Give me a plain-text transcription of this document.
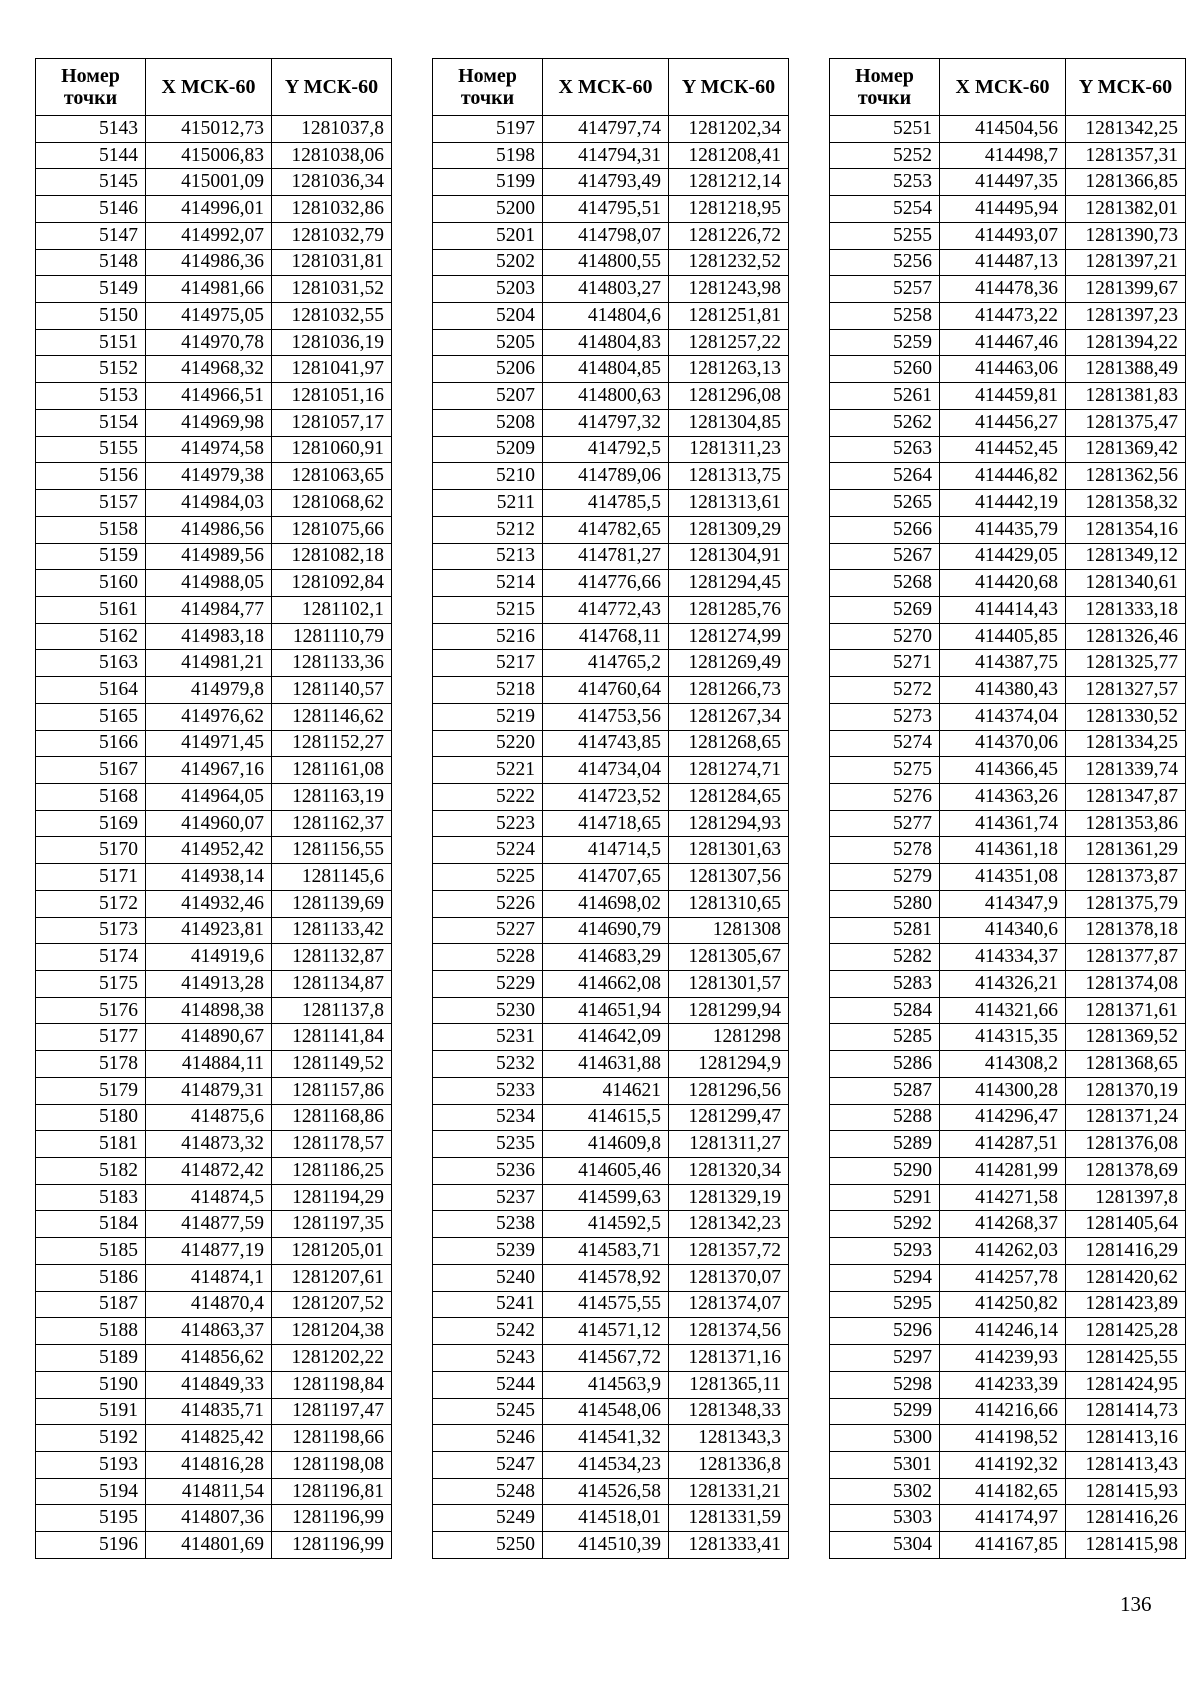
Номер точки	X МСК-60	Y МСК-60
5143	415012,73	1281037,8
5144	415006,83	1281038,06
5145	415001,09	1281036,34
5146	414996,01	1281032,86
5147	414992,07	1281032,79
5148	414986,36	1281031,81
5149	414981,66	1281031,52
5150	414975,05	1281032,55
5151	414970,78	1281036,19
5152	414968,32	1281041,97
5153	414966,51	1281051,16
5154	414969,98	1281057,17
5155	414974,58	1281060,91
5156	414979,38	1281063,65
5157	414984,03	1281068,62
5158	414986,56	1281075,66
5159	414989,56	1281082,18
5160	414988,05	1281092,84
5161	414984,77	1281102,1
5162	414983,18	1281110,79
5163	414981,21	1281133,36
5164	414979,8	1281140,57
5165	414976,62	1281146,62
5166	414971,45	1281152,27
5167	414967,16	1281161,08
5168	414964,05	1281163,19
5169	414960,07	1281162,37
5170	414952,42	1281156,55
5171	414938,14	1281145,6
5172	414932,46	1281139,69
5173	414923,81	1281133,42
5174	414919,6	1281132,87
5175	414913,28	1281134,87
5176	414898,38	1281137,8
5177	414890,67	1281141,84
5178	414884,11	1281149,52
5179	414879,31	1281157,86
5180	414875,6	1281168,86
5181	414873,32	1281178,57
5182	414872,42	1281186,25
5183	414874,5	1281194,29
5184	414877,59	1281197,35
5185	414877,19	1281205,01
5186	414874,1	1281207,61
5187	414870,4	1281207,52
5188	414863,37	1281204,38
5189	414856,62	1281202,22
5190	414849,33	1281198,84
5191	414835,71	1281197,47
5192	414825,42	1281198,66
5193	414816,28	1281198,08
5194	414811,54	1281196,81
5195	414807,36	1281196,99
5196	414801,69	1281196,99
Номер точки	X МСК-60	Y МСК-60
5197	414797,74	1281202,34
5198	414794,31	1281208,41
5199	414793,49	1281212,14
5200	414795,51	1281218,95
5201	414798,07	1281226,72
5202	414800,55	1281232,52
5203	414803,27	1281243,98
5204	414804,6	1281251,81
5205	414804,83	1281257,22
5206	414804,85	1281263,13
5207	414800,63	1281296,08
5208	414797,32	1281304,85
5209	414792,5	1281311,23
5210	414789,06	1281313,75
5211	414785,5	1281313,61
5212	414782,65	1281309,29
5213	414781,27	1281304,91
5214	414776,66	1281294,45
5215	414772,43	1281285,76
5216	414768,11	1281274,99
5217	414765,2	1281269,49
5218	414760,64	1281266,73
5219	414753,56	1281267,34
5220	414743,85	1281268,65
5221	414734,04	1281274,71
5222	414723,52	1281284,65
5223	414718,65	1281294,93
5224	414714,5	1281301,63
5225	414707,65	1281307,56
5226	414698,02	1281310,65
5227	414690,79	1281308
5228	414683,29	1281305,67
5229	414662,08	1281301,57
5230	414651,94	1281299,94
5231	414642,09	1281298
5232	414631,88	1281294,9
5233	414621	1281296,56
5234	414615,5	1281299,47
5235	414609,8	1281311,27
5236	414605,46	1281320,34
5237	414599,63	1281329,19
5238	414592,5	1281342,23
5239	414583,71	1281357,72
5240	414578,92	1281370,07
5241	414575,55	1281374,07
5242	414571,12	1281374,56
5243	414567,72	1281371,16
5244	414563,9	1281365,11
5245	414548,06	1281348,33
5246	414541,32	1281343,3
5247	414534,23	1281336,8
5248	414526,58	1281331,21
5249	414518,01	1281331,59
5250	414510,39	1281333,41
Номер точки	X МСК-60	Y МСК-60
5251	414504,56	1281342,25
5252	414498,7	1281357,31
5253	414497,35	1281366,85
5254	414495,94	1281382,01
5255	414493,07	1281390,73
5256	414487,13	1281397,21
5257	414478,36	1281399,67
5258	414473,22	1281397,23
5259	414467,46	1281394,22
5260	414463,06	1281388,49
5261	414459,81	1281381,83
5262	414456,27	1281375,47
5263	414452,45	1281369,42
5264	414446,82	1281362,56
5265	414442,19	1281358,32
5266	414435,79	1281354,16
5267	414429,05	1281349,12
5268	414420,68	1281340,61
5269	414414,43	1281333,18
5270	414405,85	1281326,46
5271	414387,75	1281325,77
5272	414380,43	1281327,57
5273	414374,04	1281330,52
5274	414370,06	1281334,25
5275	414366,45	1281339,74
5276	414363,26	1281347,87
5277	414361,74	1281353,86
5278	414361,18	1281361,29
5279	414351,08	1281373,87
5280	414347,9	1281375,79
5281	414340,6	1281378,18
5282	414334,37	1281377,87
5283	414326,21	1281374,08
5284	414321,66	1281371,61
5285	414315,35	1281369,52
5286	414308,2	1281368,65
5287	414300,28	1281370,19
5288	414296,47	1281371,24
5289	414287,51	1281376,08
5290	414281,99	1281378,69
5291	414271,58	1281397,8
5292	414268,37	1281405,64
5293	414262,03	1281416,29
5294	414257,78	1281420,62
5295	414250,82	1281423,89
5296	414246,14	1281425,28
5297	414239,93	1281425,55
5298	414233,39	1281424,95
5299	414216,66	1281414,73
5300	414198,52	1281413,16
5301	414192,32	1281413,43
5302	414182,65	1281415,93
5303	414174,97	1281416,26
5304	414167,85	1281415,98
136
